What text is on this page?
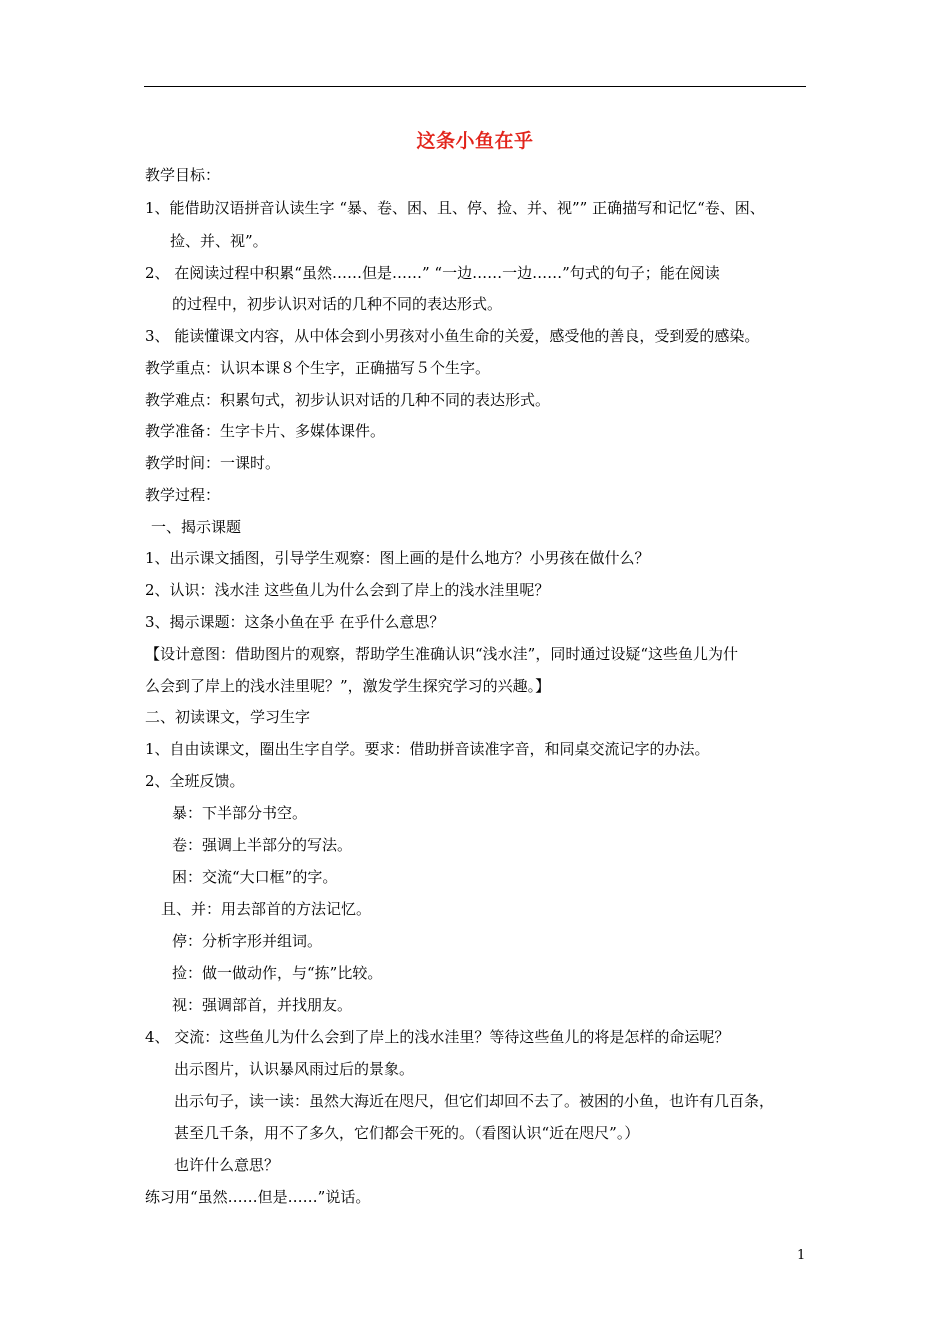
这条小鱼在乎
教学目标：
1、能借助汉语拼音认读生字 “暴、卷、困、且、停、捡、并、视”” 正确描写和记忆“卷、困、
捡、并、视”。
2、 在阅读过程中积累“虽然……但是……” “一边……一边……”句式的句子；能在阅读
的过程中，初步认识对话的几种不同的表达形式。
3、 能读懂课文内容，从中体会到小男孩对小鱼生命的关爱，感受他的善良，受到爱的感染。
教学重点：认识本课８个生字，正确描写５个生字。
教学难点：积累句式，初步认识对话的几种不同的表达形式。
教学准备：生字卡片、多媒体课件。
教学时间：一课时。
教学过程：
一、揭示课题
1、出示课文插图，引导学生观察：图上画的是什么地方？小男孩在做什么？
2、认识：浅水洼 这些鱼儿为什么会到了岸上的浅水洼里呢？
3、揭示课题：这条小鱼在乎 在乎什么意思？
【设计意图：借助图片的观察，帮助学生准确认识“浅水洼”，同时通过设疑“这些鱼儿为什
么会到了岸上的浅水洼里呢？”，激发学生探究学习的兴趣。】
二、初读课文，学习生字
1、自由读课文，圈出生字自学。要求：借助拼音读准字音，和同桌交流记字的办法。
2、全班反馈。
暴：下半部分书空。
卷：强调上半部分的写法。
困：交流“大口框”的字。
且、并：用去部首的方法记忆。
停：分析字形并组词。
捡：做一做动作，与“拣”比较。
视：强调部首，并找朋友。
4、 交流：这些鱼儿为什么会到了岸上的浅水洼里？等待这些鱼儿的将是怎样的命运呢？
出示图片，认识暴风雨过后的景象。
出示句子，读一读：虽然大海近在咫尺，但它们却回不去了。被困的小鱼，也许有几百条，
甚至几千条，用不了多久，它们都会干死的。（看图认识“近在咫尺”。）
也许什么意思？
练习用“虽然……但是……”说话。
1
